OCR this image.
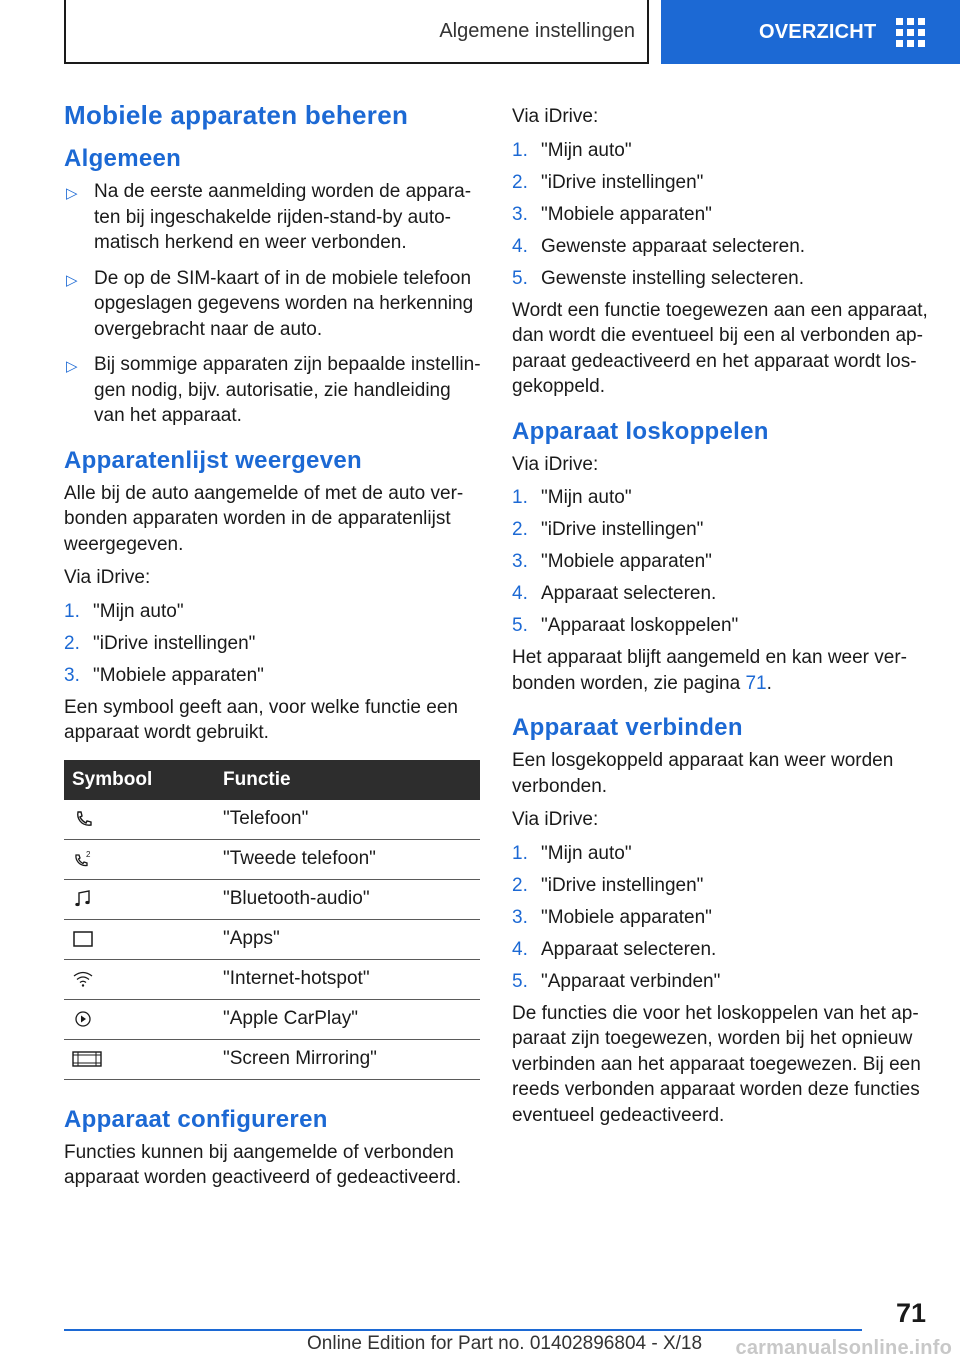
Algemene instellingen	OVERZICHT
Mobiele apparaten beheren
Algemeen
▷ Na de eerste aanmelding worden de appara-ten bij ingeschakelde rijden-stand-by auto-matisch herkend en weer verbonden.
▷ De op de SIM-kaart of in de mobiele telefoon opgeslagen gegevens worden na herkenning overgebracht naar de auto.
▷ Bij sommige apparaten zijn bepaalde instellin-gen nodig, bijv. autorisatie, zie handleiding van het apparaat.
Apparatenlijst weergeven

Alle bij de auto aangemelde of met de auto ver-bonden apparaten worden in de apparatenlijst weergegeven.

Via iDrive:

1. "Mijn auto"
2. "iDrive instellingen"
3. "Mobiele apparaten"

Een symbool geeft aan, voor welke functie een apparaat wordt gebruikt.

Symbool	Functie
	"Telefoon"

2	"Tweede telefoon"
	"Bluetooth-audio"
	"Apps"
	"Internet-hotspot"
	"Apple CarPlay"
	"Screen Mirroring"
Apparaat configureren

Functies kunnen bij aangemelde of verbonden apparaat worden geactiveerd of gedeactiveerd.

Via iDrive:

1. "Mijn auto"
2. "iDrive instellingen"
3. "Mobiele apparaten"
4. Gewenste apparaat selecteren.
5. Gewenste instelling selecteren.

Wordt een functie toegewezen aan een apparaat, dan wordt die eventueel bij een al verbonden ap-paraat gedeactiveerd en het apparaat wordt los-gekoppeld.

Apparaat loskoppelen

Via iDrive:

1. "Mijn auto"
2. "iDrive instellingen"
3. "Mobiele apparaten"
4. Apparaat selecteren.
5. "Apparaat loskoppelen"

Het apparaat blijft aangemeld en kan weer ver-bonden worden, zie pagina 71.

Apparaat verbinden

Een losgekoppeld apparaat kan weer worden verbonden.

Via iDrive:

1. "Mijn auto"
2. "iDrive instellingen"
3. "Mobiele apparaten"
4. Apparaat selecteren.
5. "Apparaat verbinden"

De functies die voor het loskoppelen van het ap-paraat zijn toegewezen, worden bij het opnieuw verbinden aan het apparaat toegewezen. Bij een reeds verbonden apparaat worden deze functies eventueel gedeactiveerd.

71
Online Edition for Part no. 01402896804 - X/18 carmanualsonline.info
